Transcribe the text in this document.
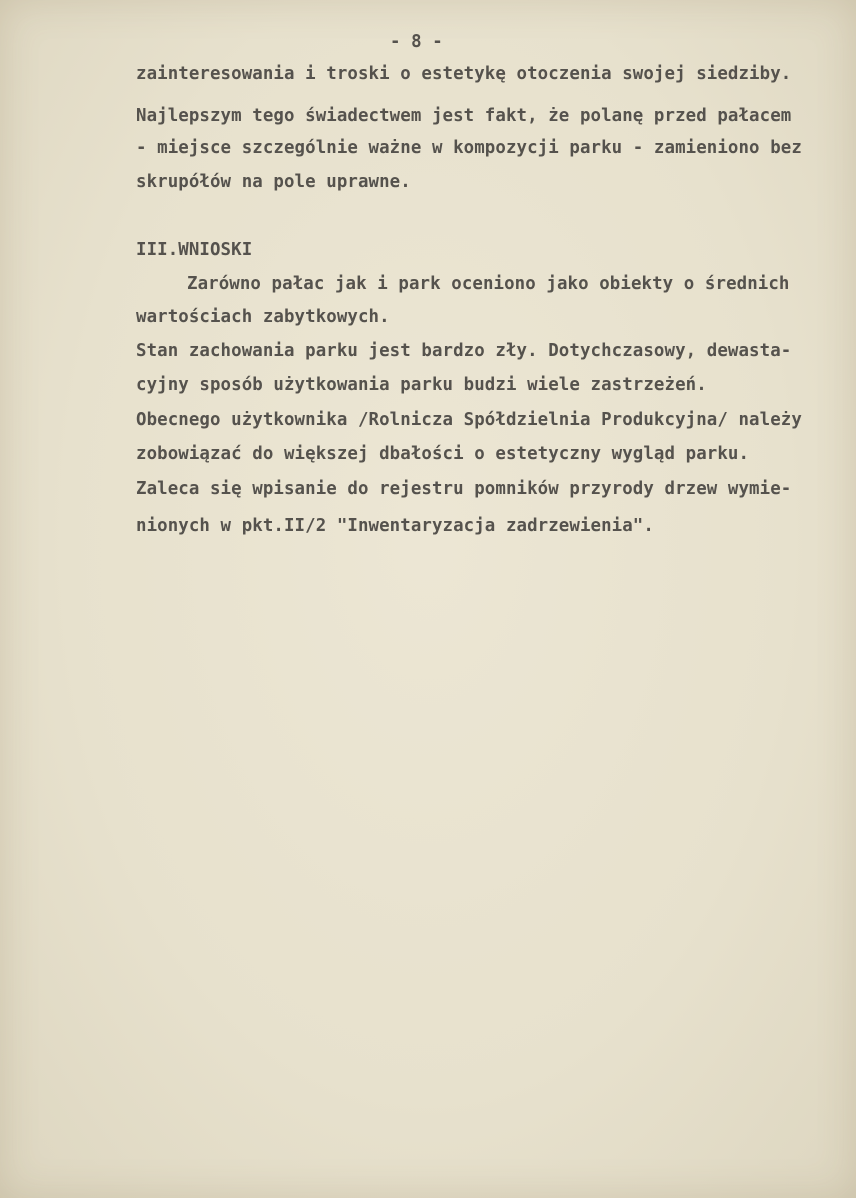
- 8 -
zainteresowania i troski o estetykę otoczenia swojej siedziby.
Najlepszym tego świadectwem jest fakt, że polanę przed pałacem
- miejsce szczególnie ważne w kompozycji parku - zamieniono bez
skrupółów na pole uprawne.
III.WNIOSKI
Zarówno pałac jak i park oceniono jako obiekty o średnich
wartościach zabytkowych.
Stan zachowania parku jest bardzo zły. Dotychczasowy, dewasta-
cyjny sposób użytkowania parku budzi wiele zastrzeżeń.
Obecnego użytkownika /Rolnicza Spółdzielnia Produkcyjna/ należy
zobowiązać do większej dbałości o estetyczny wygląd parku.
Zaleca się wpisanie do rejestru pomników przyrody drzew wymie-
nionych w pkt.II/2 "Inwentaryzacja zadrzewienia".
